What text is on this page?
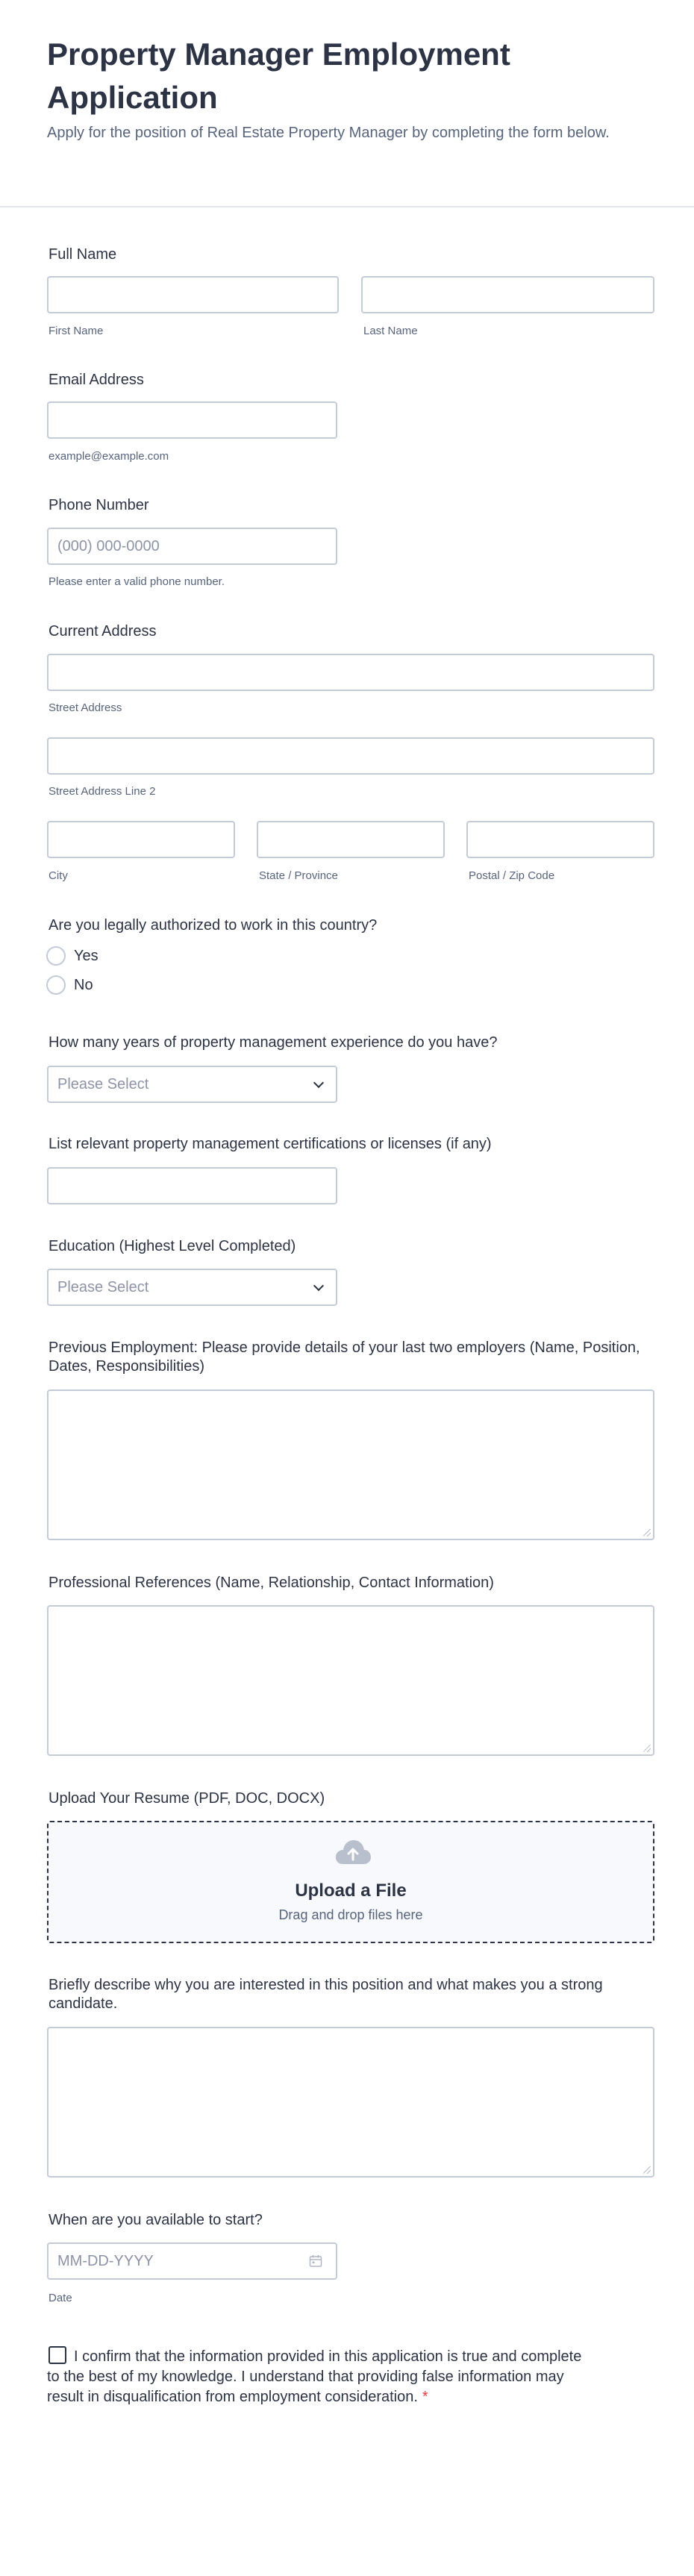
Property Manager Employment Application
Apply for the position of Real Estate Property Manager by completing the form below.
Full Name
First Name	Last Name
Email Address
example@example.com
Phone Number
(000) 000-0000
Please enter a valid phone number.
Current Address
Street Address
Street Address Line 2
City	State / Province	Postal / Zip Code
Are you legally authorized to work in this country?
Yes
No
How many years of property management experience do you have?
Please Select
List relevant property management certifications or licenses (if any)
Education (Highest Level Completed)
Please Select
Previous Employment: Please provide details of your last two employers (Name, Position, Dates, Responsibilities)
Professional References (Name, Relationship, Contact Information)
Upload Your Resume (PDF, DOC, DOCX)
Upload a File
Drag and drop files here
Briefly describe why you are interested in this position and what makes you a strong candidate.
When are you available to start?
MM-DD-YYYY
Date
I confirm that the information provided in this application is true and complete to the best of my knowledge. I understand that providing false information may result in disqualification from employment consideration. *
